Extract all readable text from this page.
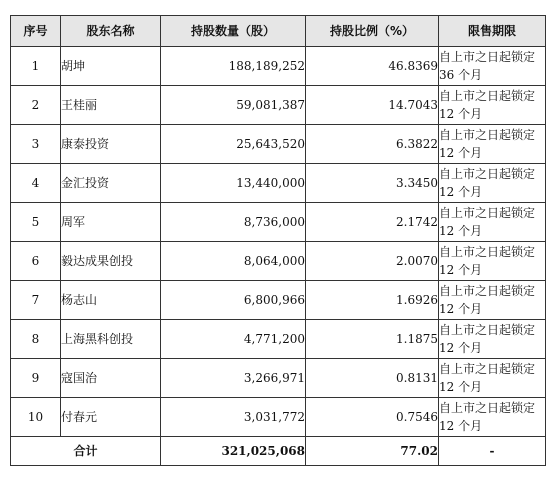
序号	股东名称	持股数量（股）	持股比例（%）	限售期限
1	胡坤	188,189,252	46.8369	自上市之日起锁定 36 个月
2	王桂丽	59,081,387	14.7043	自上市之日起锁定 12 个月
3	康泰投资	25,643,520	6.3822	自上市之日起锁定 12 个月
4	金汇投资	13,440,000	3.3450	自上市之日起锁定 12 个月
5	周军	8,736,000	2.1742	自上市之日起锁定 12 个月
6	毅达成果创投	8,064,000	2.0070	自上市之日起锁定 12 个月
7	杨志山	6,800,966	1.6926	自上市之日起锁定 12 个月
8	上海黑科创投	4,771,200	1.1875	自上市之日起锁定 12 个月
9	寇国治	3,266,971	0.8131	自上市之日起锁定 12 个月
10	付春元	3,031,772	0.7546	自上市之日起锁定 12 个月
合计		321,025,068	77.02	-
